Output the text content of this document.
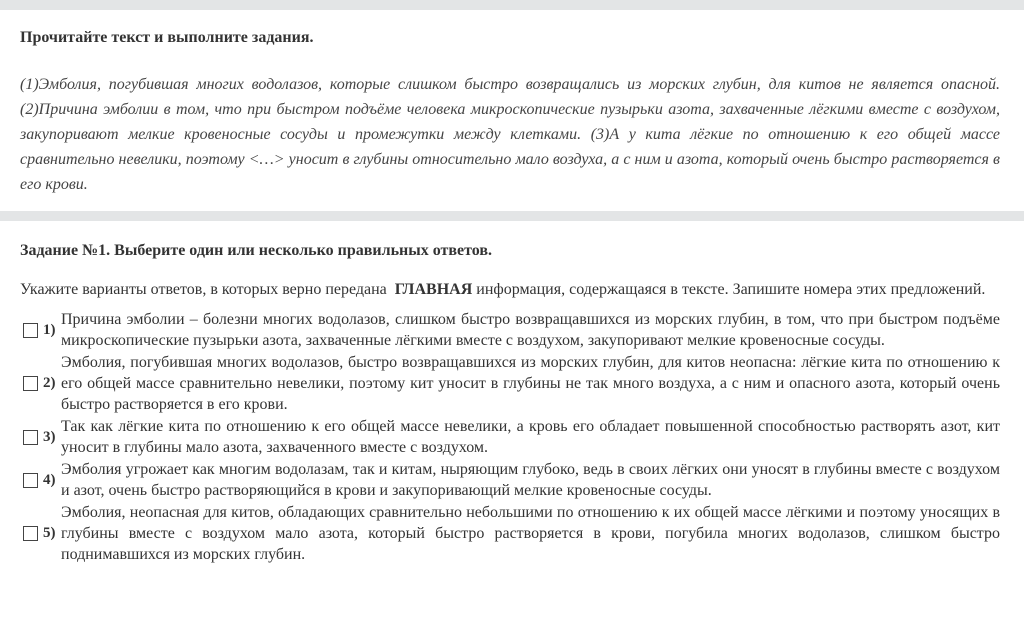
Прочитайте текст и выполните задания.

(1)Эмболия, погубившая многих водолазов, которые слишком быстро возвращались из морских глубин, для китов не является опасной. (2)Причина эмболии в том, что при быстром подъёме человека микроскопические пузырьки азота, захваченные лёгкими вместе с воздухом, закупоривают мелкие кровеносные сосуды и промежутки между клетками. (3)А у кита лёгкие по отношению к его общей массе сравнительно невелики, поэтому <…> уносит в глубины относительно мало воздуха, а с ним и азота, который очень быстро растворяется в его крови.

Задание №1. Выберите один или несколько правильных ответов.

Укажите варианты ответов, в которых верно передана ГЛАВНАЯ информация, содержащаяся в тексте. Запишите номера этих предложений.

1)
Причина эмболии – болезни многих водолазов, слишком быстро возвращавшихся из морских глубин, в том, что при быстром подъёме микроскопические пузырьки азота, захваченные лёгкими вместе с воздухом, закупоривают мелкие кровеносные сосуды.
2)
Эмболия, погубившая многих водолазов, быстро возвращавшихся из морских глубин, для китов неопасна: лёгкие кита по отношению к его общей массе сравнительно невелики, поэтому кит уносит в глубины не так много воздуха, а с ним и опасного азота, который очень быстро растворяется в его крови.
3)
Так как лёгкие кита по отношению к его общей массе невелики, а кровь его обладает повышенной способностью растворять азот, кит уносит в глубины мало азота, захваченного вместе с воздухом.
4)
Эмболия угрожает как многим водолазам, так и китам, ныряющим глубоко, ведь в своих лёгких они уносят в глубины вместе с воздухом и азот, очень быстро растворяющийся в крови и закупоривающий мелкие кровеносные сосуды.
5)
Эмболия, неопасная для китов, обладающих сравнительно небольшими по отношению к их общей массе лёгкими и поэтому уносящих в глубины вместе с воздухом мало азота, который быстро растворяется в крови, погубила многих водолазов, слишком быстро поднимавшихся из морских глубин.
